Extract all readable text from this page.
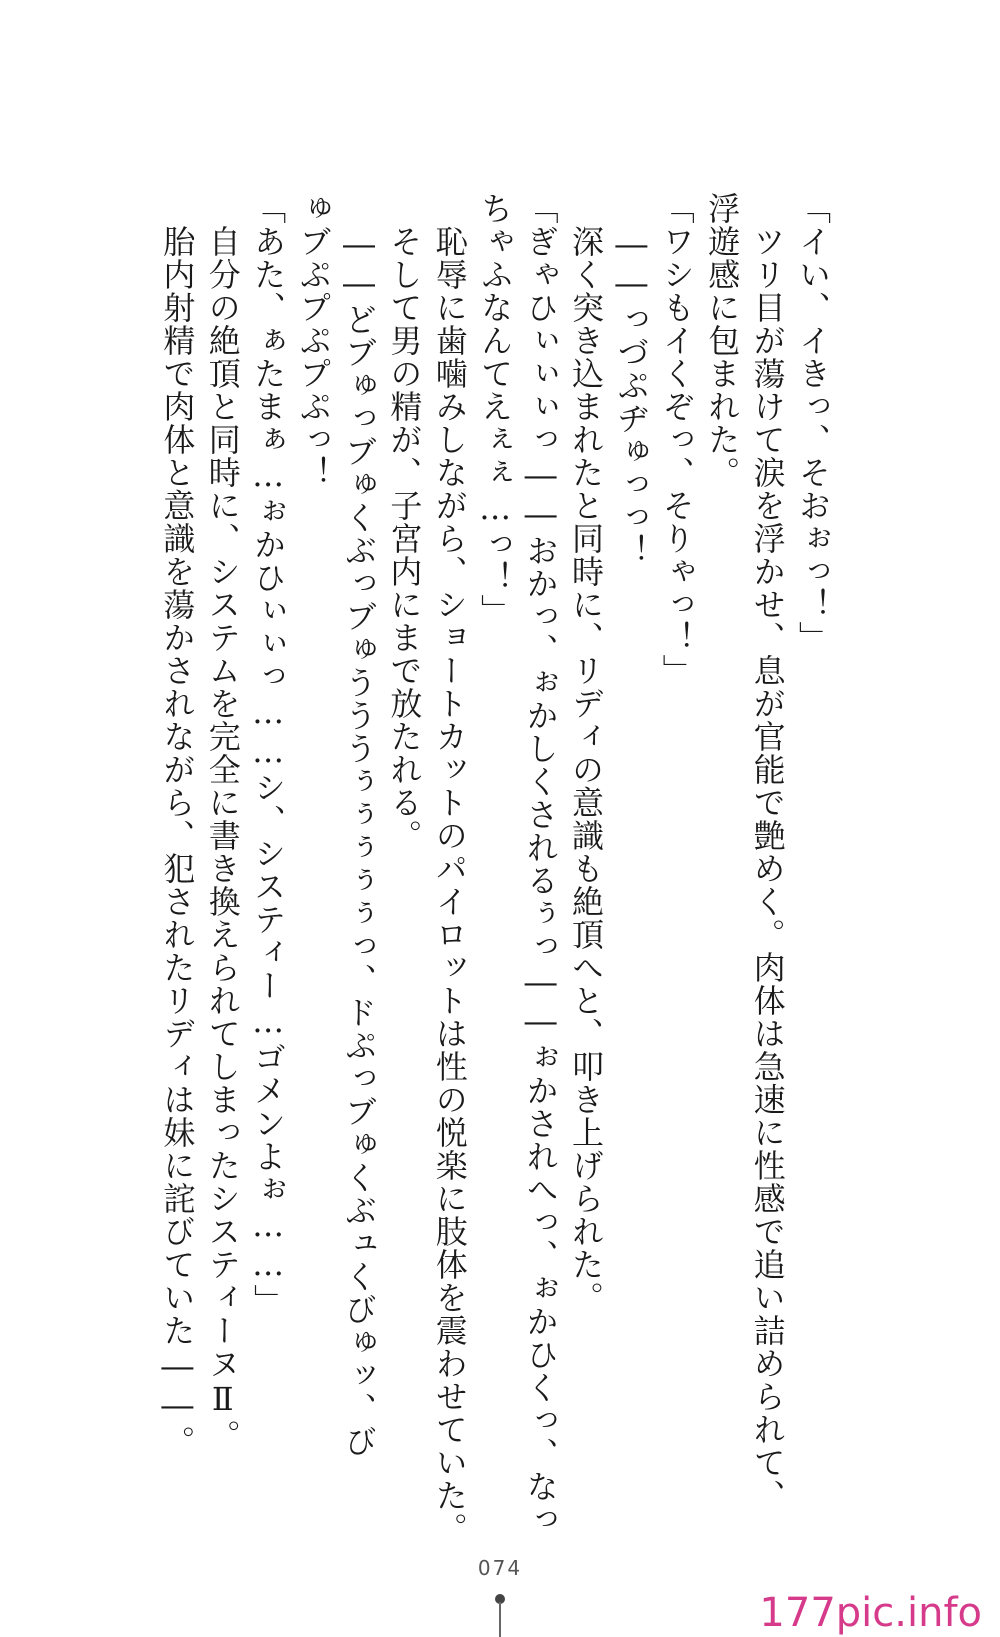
「イい、イきっ、そおぉっ！」
　ツリ目が蕩けて涙を浮かせ、息が官能で艶めく。肉体は急速に性感で追い詰められて、
浮遊感に包まれた。
「ワシもイくぞっ、そりゃっ！」
　――っづぷヂゅっっ！
　深く突き込まれたと同時に、リディの意識も絶頂へと、叩き上げられた。
「ぎゃひぃぃぃっ――おかっ、ぉかしくされるぅっ――ぉかされへっ、ぉかひくっ、なっ
ちゃふなんてえぇぇ…っ！」
　恥辱に歯噛みしながら、ショートカットのパイロットは性の悦楽に肢体を震わせていた。
　そして男の精が、子宮内にまで放たれる。
　――どブゅっブゅくぶっブゅうううぅぅぅぅぅっ、ドぷっブゅくぶュくびゅッ、び
ゅブぷプぷプぷっ！
「あた、ぁたまぁ…ぉかひぃぃっ……シ、システィー…ゴメンよぉ……」
　自分の絶頂と同時に、システムを完全に書き換えられてしまったシスティーヌⅡ。
　胎内射精で肉体と意識を蕩かされながら、犯されたリディは妹に詫びていた――。
074
177pic.info
